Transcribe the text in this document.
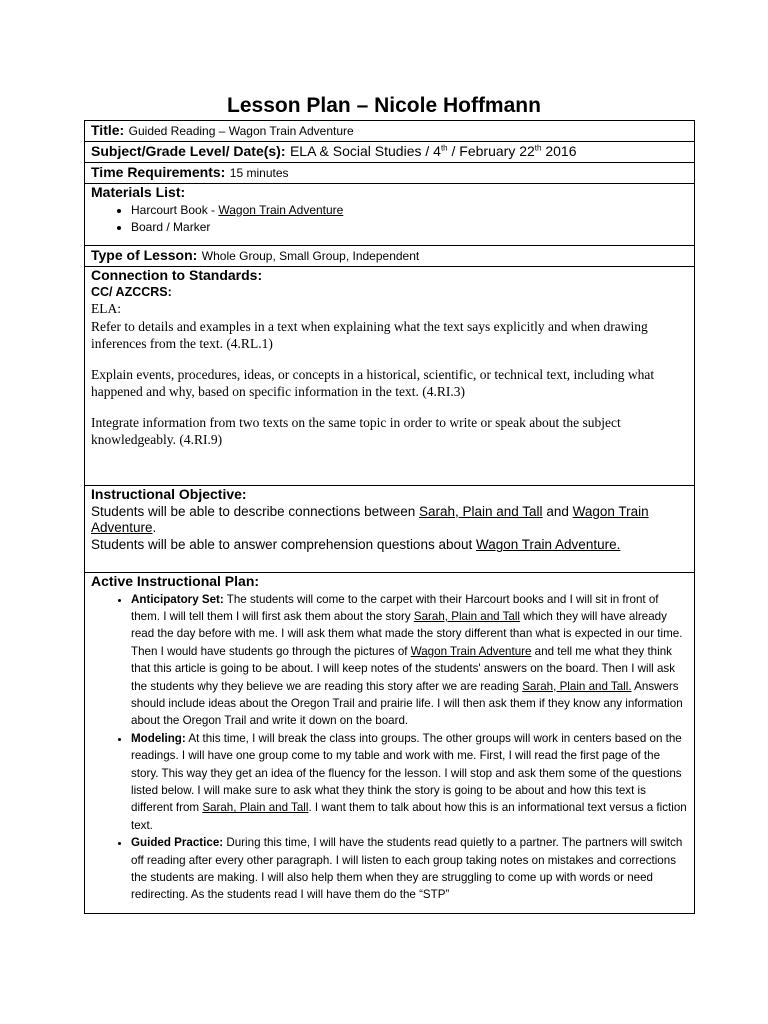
Lesson Plan – Nicole Hoffmann
Title: Guided Reading – Wagon Train Adventure
Subject/Grade Level/ Date(s): ELA & Social Studies / 4th / February 22th 2016
Time Requirements: 15 minutes

Materials List:
• Harcourt Book - Wagon Train Adventure
• Board / Marker

Type of Lesson: Whole Group, Small Group, Independent

Connection to Standards:
CC/ AZCCRS:
ELA:

Refer to details and examples in a text when explaining what the text says explicitly and when drawing inferences from the text. (4.RL.1)

Explain events, procedures, ideas, or concepts in a historical, scientific, or technical text, including what happened and why, based on specific information in the text. (4.RI.3)

Integrate information from two texts on the same topic in order to write or speak about the subject knowledgeably. (4.RI.9)

Instructional Objective:
Students will be able to describe connections between Sarah, Plain and Tall and Wagon Train Adventure.
Students will be able to answer comprehension questions about Wagon Train Adventure.

Active Instructional Plan:
• Anticipatory Set: The students will come to the carpet with their Harcourt books and I will sit in front of them. I will tell them I will first ask them about the story Sarah, Plain and Tall which they will have already read the day before with me. I will ask them what made the story different than what is expected in our time. Then I would have students go through the pictures of Wagon Train Adventure and tell me what they think that this article is going to be about. I will keep notes of the students' answers on the board. Then I will ask the students why they believe we are reading this story after we are reading Sarah, Plain and Tall. Answers should include ideas about the Oregon Trail and prairie life. I will then ask them if they know any information about the Oregon Trail and write it down on the board.
• Modeling: At this time, I will break the class into groups. The other groups will work in centers based on the readings. I will have one group come to my table and work with me. First, I will read the first page of the story. This way they get an idea of the fluency for the lesson. I will stop and ask them some of the questions listed below. I will make sure to ask what they think the story is going to be about and how this text is different from Sarah, Plain and Tall. I want them to talk about how this is an informational text versus a fiction text.
• Guided Practice: During this time, I will have the students read quietly to a partner. The partners will switch off reading after every other paragraph. I will listen to each group taking notes on mistakes and corrections the students are making. I will also help them when they are struggling to come up with words or need redirecting. As the students read I will have them do the “STP”
